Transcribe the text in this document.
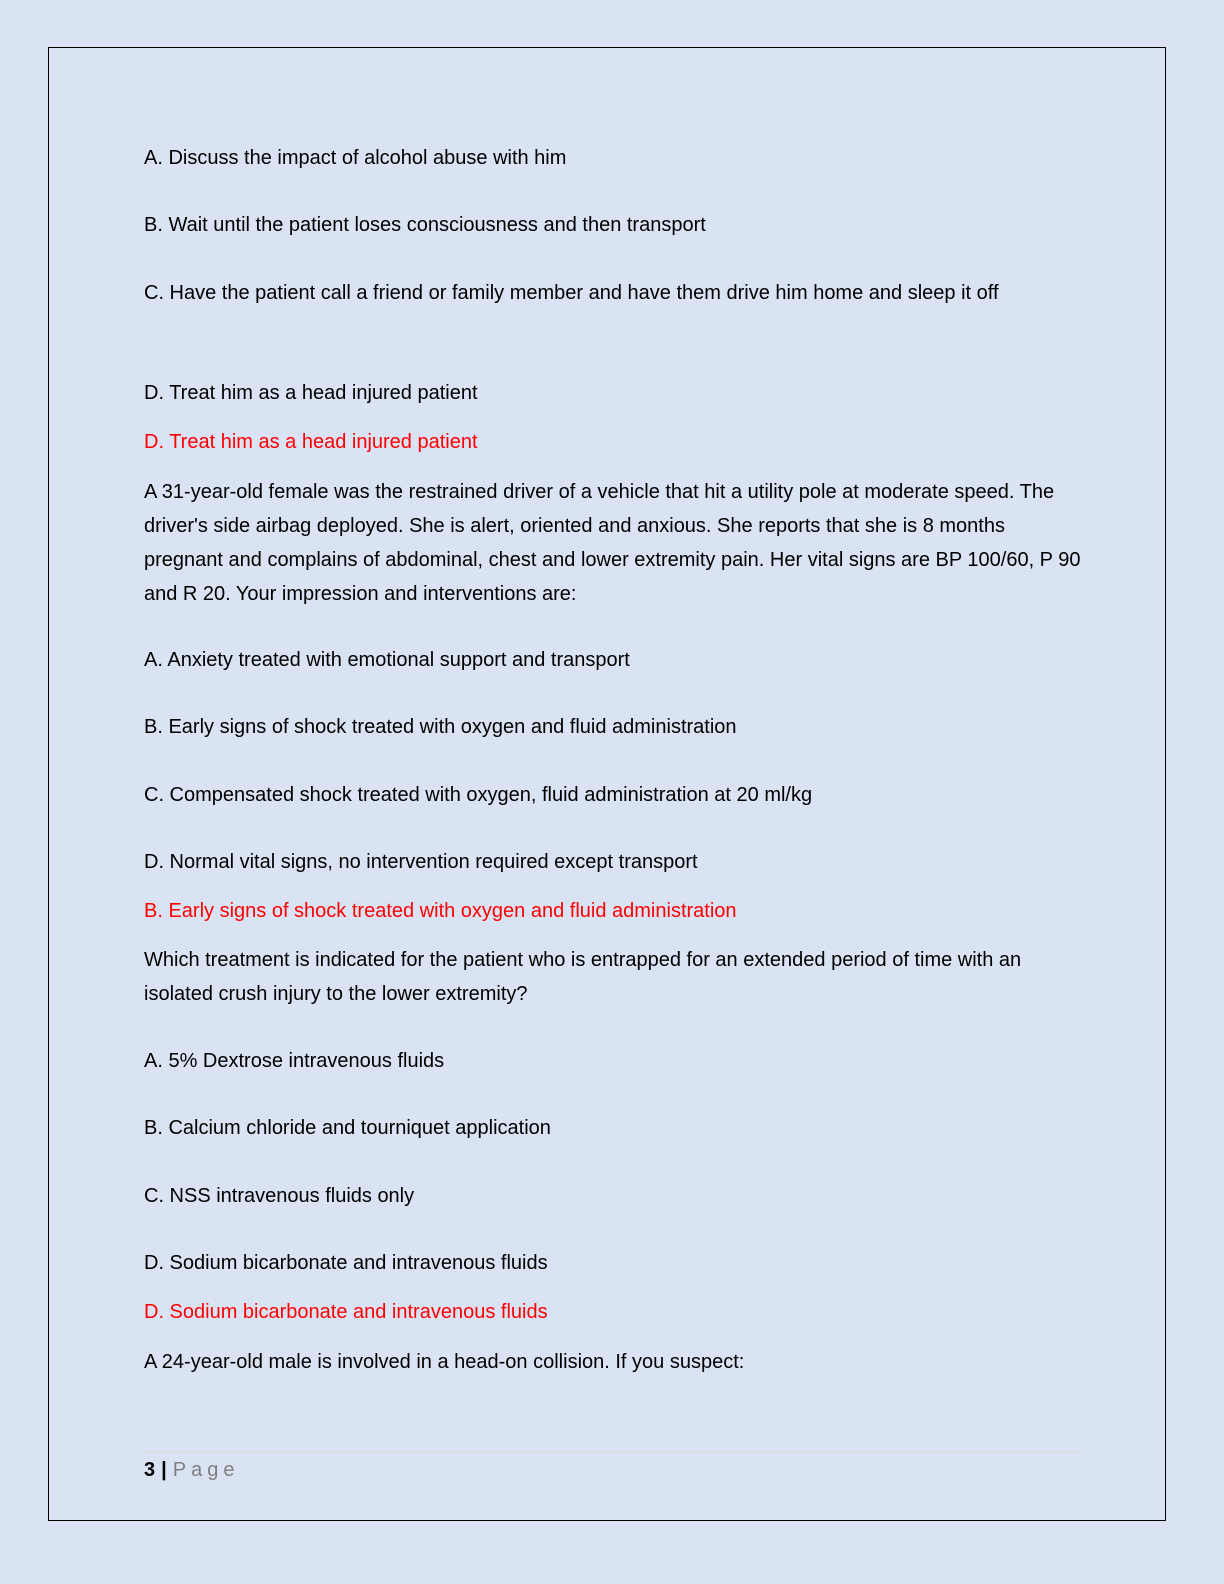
A. Discuss the impact of alcohol abuse with him

B. Wait until the patient loses consciousness and then transport

C. Have the patient call a friend or family member and have them drive him home and sleep it off

D. Treat him as a head injured patient

D. Treat him as a head injured patient

A 31-year-old female was the restrained driver of a vehicle that hit a utility pole at moderate speed. The driver's side airbag deployed. She is alert, oriented and anxious. She reports that she is 8 months pregnant and complains of abdominal, chest and lower extremity pain. Her vital signs are BP 100/60, P 90 and R 20. Your impression and interventions are:

A. Anxiety treated with emotional support and transport

B. Early signs of shock treated with oxygen and fluid administration

C. Compensated shock treated with oxygen, fluid administration at 20 ml/kg

D. Normal vital signs, no intervention required except transport

B. Early signs of shock treated with oxygen and fluid administration

Which treatment is indicated for the patient who is entrapped for an extended period of time with an isolated crush injury to the lower extremity?

A. 5% Dextrose intravenous fluids

B. Calcium chloride and tourniquet application

C. NSS intravenous fluids only

D. Sodium bicarbonate and intravenous fluids

D. Sodium bicarbonate and intravenous fluids

A 24-year-old male is involved in a head-on collision. If you suspect:

3 | Page
